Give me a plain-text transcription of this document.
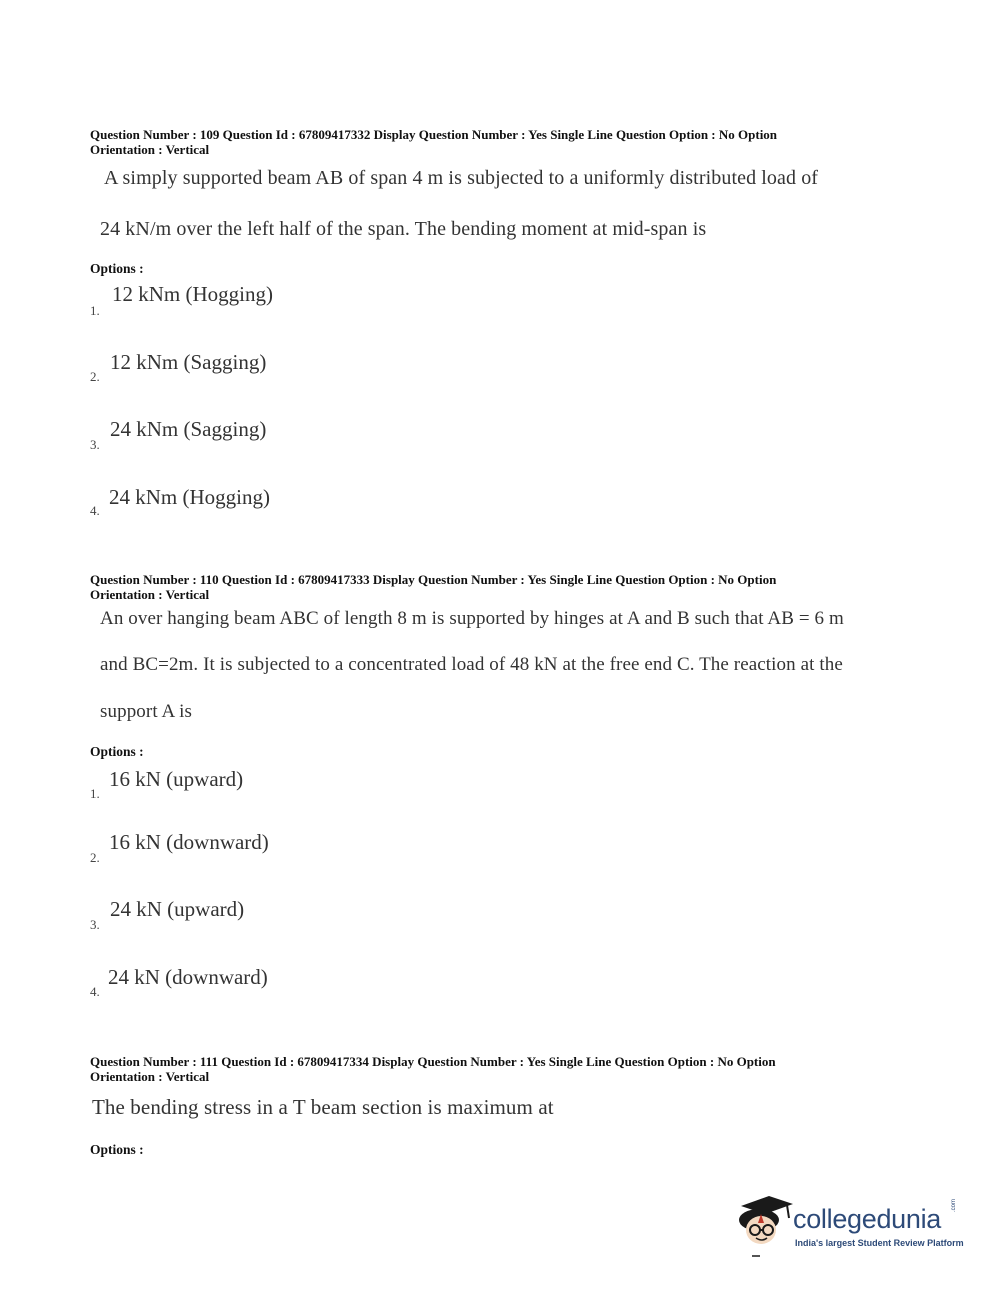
Question Number : 109 Question Id : 67809417332 Display Question Number : Yes Single Line Question Option : No Option
Orientation : Vertical
A simply supported beam AB of span 4 m is subjected to a uniformly distributed load of
24 kN/m over the left half of the span. The bending moment at mid-span is
Options :
1.
12 kNm (Hogging)
2.
12 kNm (Sagging)
3.
24 kNm (Sagging)
4.
24 kNm (Hogging)
Question Number : 110 Question Id : 67809417333 Display Question Number : Yes Single Line Question Option : No Option
Orientation : Vertical
An over hanging beam ABC of length 8 m is supported by hinges at A and B such that AB = 6 m
and BC=2m. It is subjected to a concentrated load of 48 kN at the free end C. The reaction at the
support A is
Options :
1.
16 kN (upward)
2.
16 kN (downward)
3.
24 kN (upward)
4.
24 kN (downward)
Question Number : 111 Question Id : 67809417334 Display Question Number : Yes Single Line Question Option : No Option
Orientation : Vertical
The bending stress in a T beam section is maximum at
Options :
collegedunia .com
India's largest Student Review Platform
